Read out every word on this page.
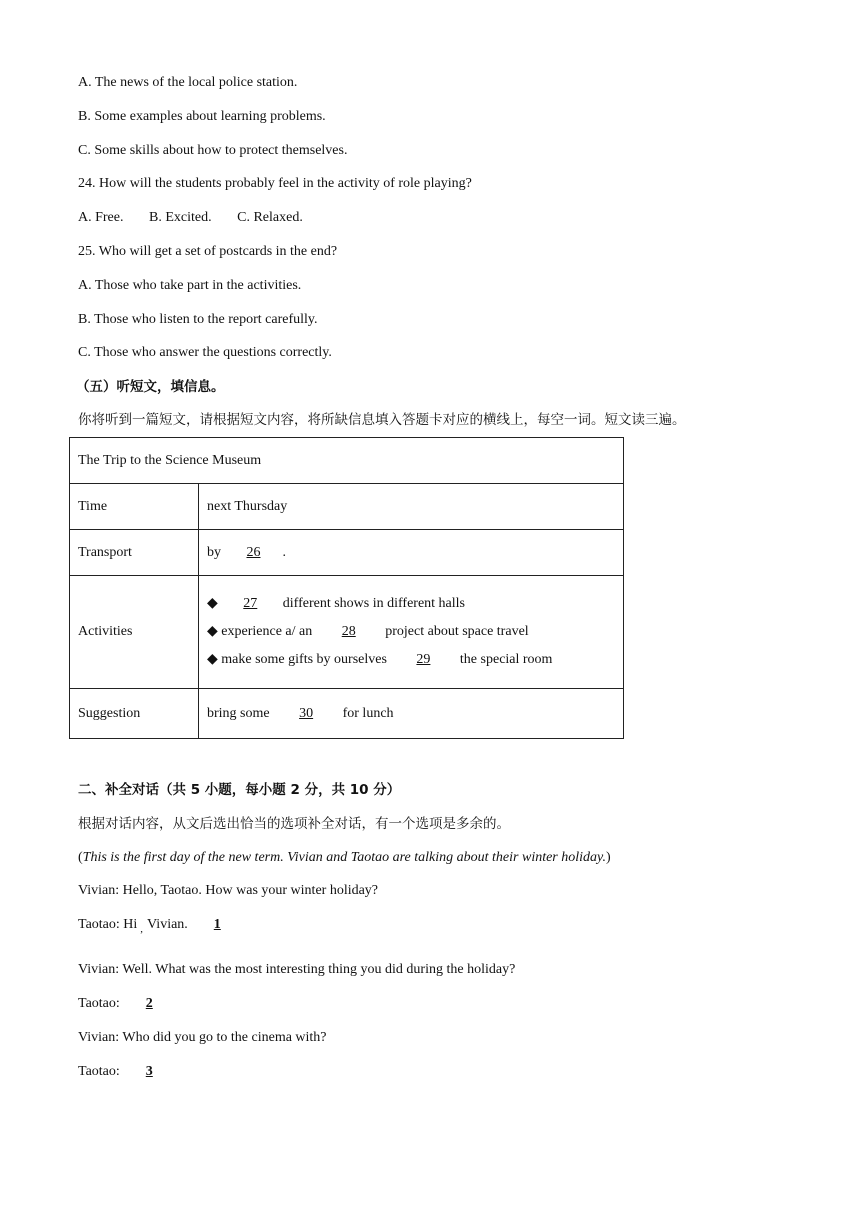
A. The news of the local police station.
B. Some examples about learning problems.
C. Some skills about how to protect themselves.
24. How will the students probably feel in the activity of role playing?
A. Free. B. Excited. C. Relaxed.
25. Who will get a set of postcards in the end?
A. Those who take part in the activities.
B. Those who listen to the report carefully.
C. Those who answer the questions correctly.
（五）听短文，填信息。
你将听到一篇短文，请根据短文内容，将所缺信息填入答题卡对应的横线上，每空一词。短文读三遍。
The Trip to the Science Museum	
Time	next Thursday
Transport	by 26 .
Activities	◆ 27 different shows in different halls
◆ experience a/ an 28 project about space travel
◆ make some gifts by ourselves 29 the special room

Suggestion	bring some 30 for lunch
二、补全对话（共 5 小题，每小题 2 分，共 10 分）
根据对话内容，从文后选出恰当的选项补全对话，有一个选项是多余的。
(This is the first day of the new term. Vivian and Taotao are talking about their winter holiday.)
Vivian: Hello, Taotao. How was your winter holiday?
Taotao: Hi $_,$ Vivian. 1
Vivian: Well. What was the most interesting thing you did during the holiday?
Taotao: 2
Vivian: Who did you go to the cinema with?
Taotao: 3
